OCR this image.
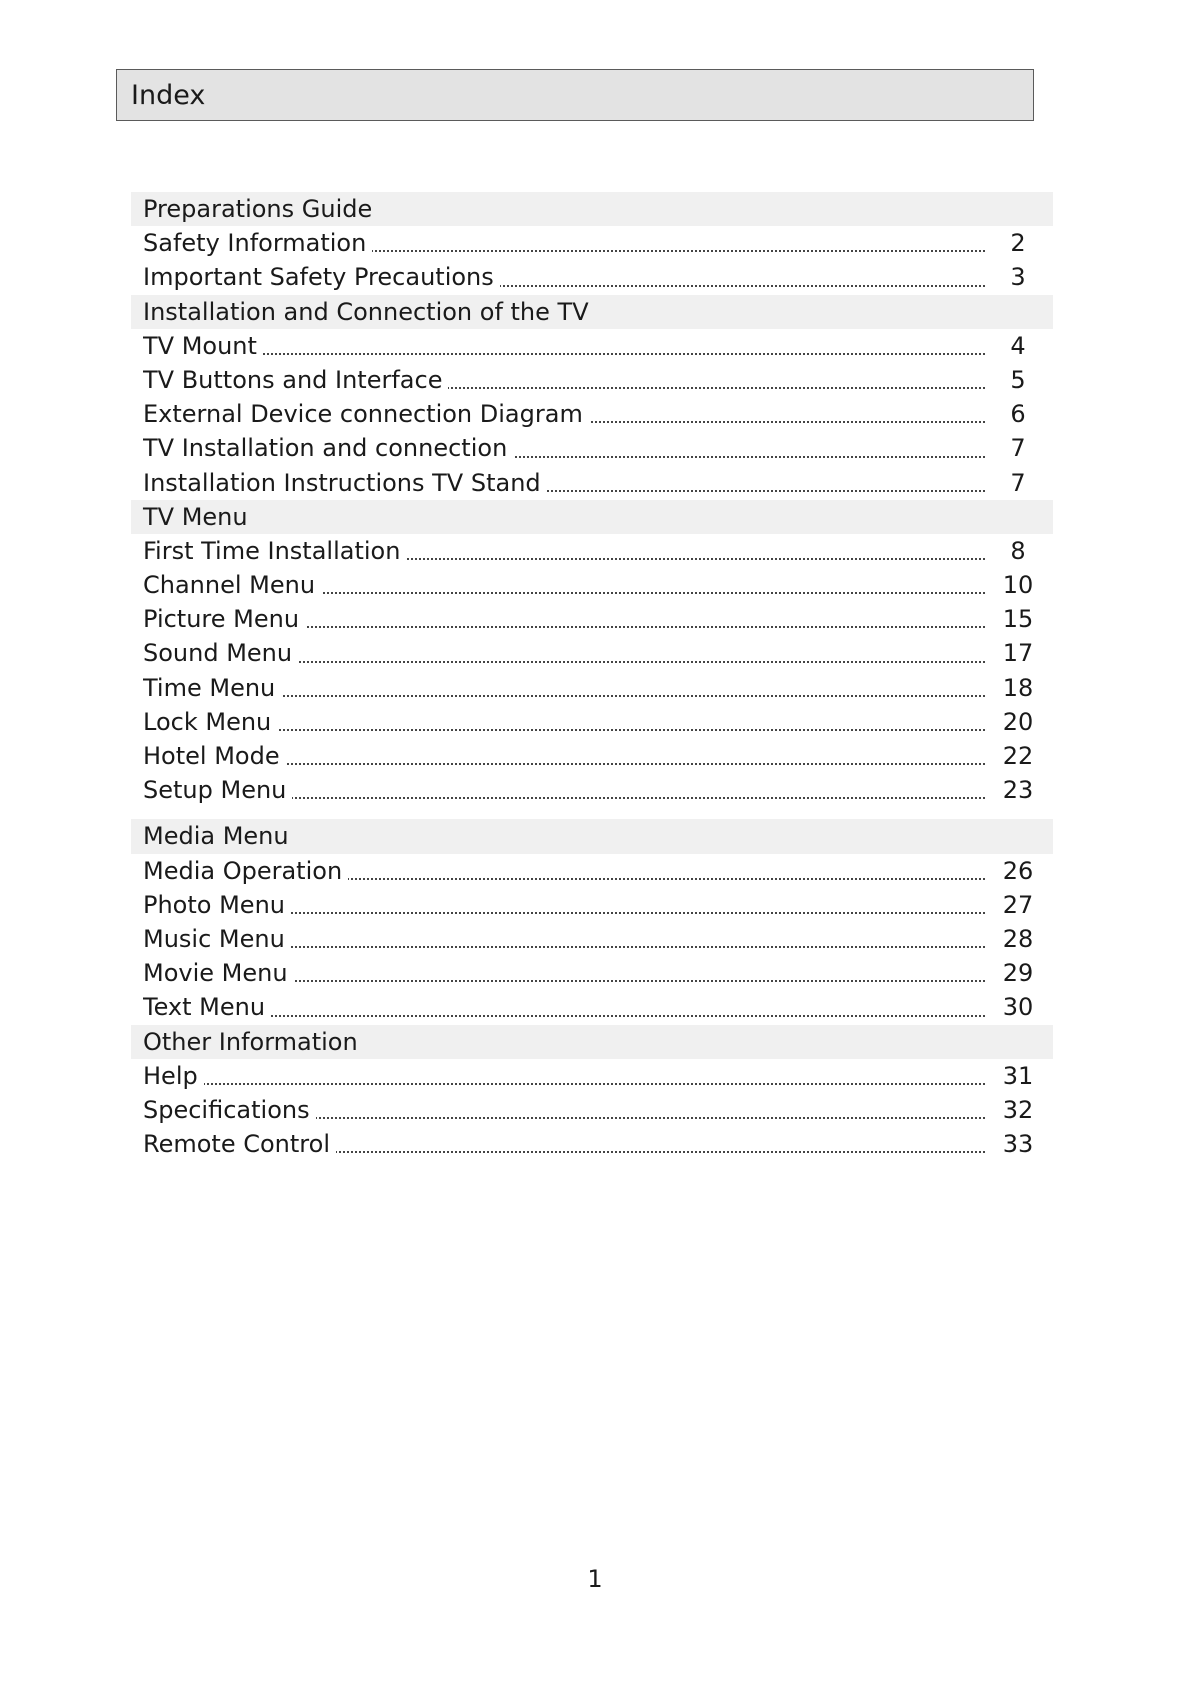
Index
Preparations Guide
Safety Information	2
Important Safety Precautions	3
Installation and Connection of the TV
TV Mount	4
TV Buttons and Interface	5
External Device connection Diagram	6
TV Installation and connection	7
Installation Instructions TV Stand	7
TV Menu
First Time Installation	8
Channel Menu	10
Picture Menu	15
Sound Menu	17
Time Menu	18
Lock Menu	20
Hotel Mode	22
Setup Menu	23
Media Menu
Media Operation	26
Photo Menu	27
Music Menu	28
Movie Menu	29
Text Menu	30
Other Information
Help	31
Specifications	32
Remote Control	33
1
